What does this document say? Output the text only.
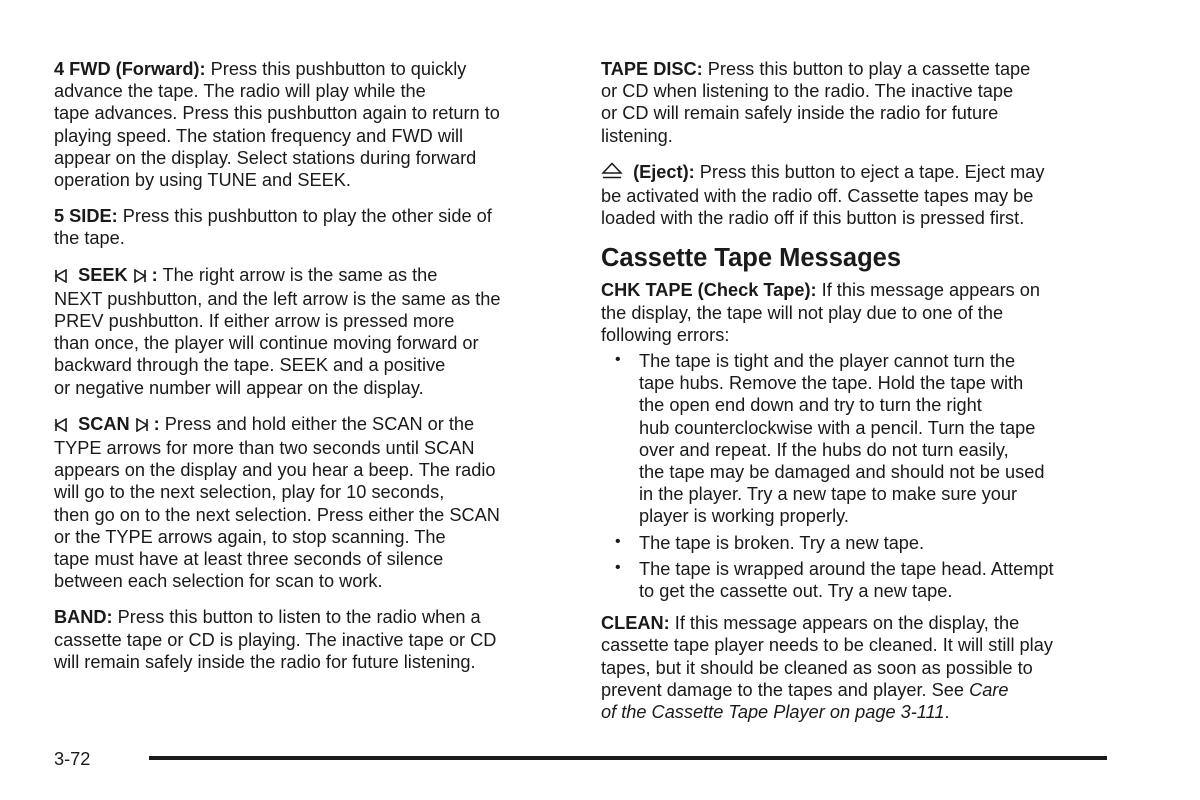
4 FWD (Forward): Press this pushbutton to quickly
advance the tape. The radio will play while the
tape advances. Press this pushbutton again to return to
playing speed. The station frequency and FWD will
appear on the display. Select stations during forward
operation by using TUNE and SEEK.

5 SIDE: Press this pushbutton to play the other side of
the tape.

SEEK : The right arrow is the same as the
NEXT pushbutton, and the left arrow is the same as the
PREV pushbutton. If either arrow is pressed more
than once, the player will continue moving forward or
backward through the tape. SEEK and a positive
or negative number will appear on the display.

SCAN : Press and hold either the SCAN or the
TYPE arrows for more than two seconds until SCAN
appears on the display and you hear a beep. The radio
will go to the next selection, play for 10 seconds,
then go on to the next selection. Press either the SCAN
or the TYPE arrows again, to stop scanning. The
tape must have at least three seconds of silence
between each selection for scan to work.

BAND: Press this button to listen to the radio when a
cassette tape or CD is playing. The inactive tape or CD
will remain safely inside the radio for future listening.

TAPE DISC: Press this button to play a cassette tape
or CD when listening to the radio. The inactive tape
or CD will remain safely inside the radio for future
listening.

(Eject): Press this button to eject a tape. Eject may
be activated with the radio off. Cassette tapes may be
loaded with the radio off if this button is pressed first.

Cassette Tape Messages

CHK TAPE (Check Tape): If this message appears on
the display, the tape will not play due to one of the
following errors:

• The tape is tight and the player cannot turn the
tape hubs. Remove the tape. Hold the tape with
the open end down and try to turn the right
hub counterclockwise with a pencil. Turn the tape
over and repeat. If the hubs do not turn easily,
the tape may be damaged and should not be used
in the player. Try a new tape to make sure your
player is working properly.
• The tape is broken. Try a new tape.
• The tape is wrapped around the tape head. Attempt
to get the cassette out. Try a new tape.

CLEAN: If this message appears on the display, the
cassette tape player needs to be cleaned. It will still play
tapes, but it should be cleaned as soon as possible to
prevent damage to the tapes and player. See Care
of the Cassette Tape Player on page 3-111.

3-72
